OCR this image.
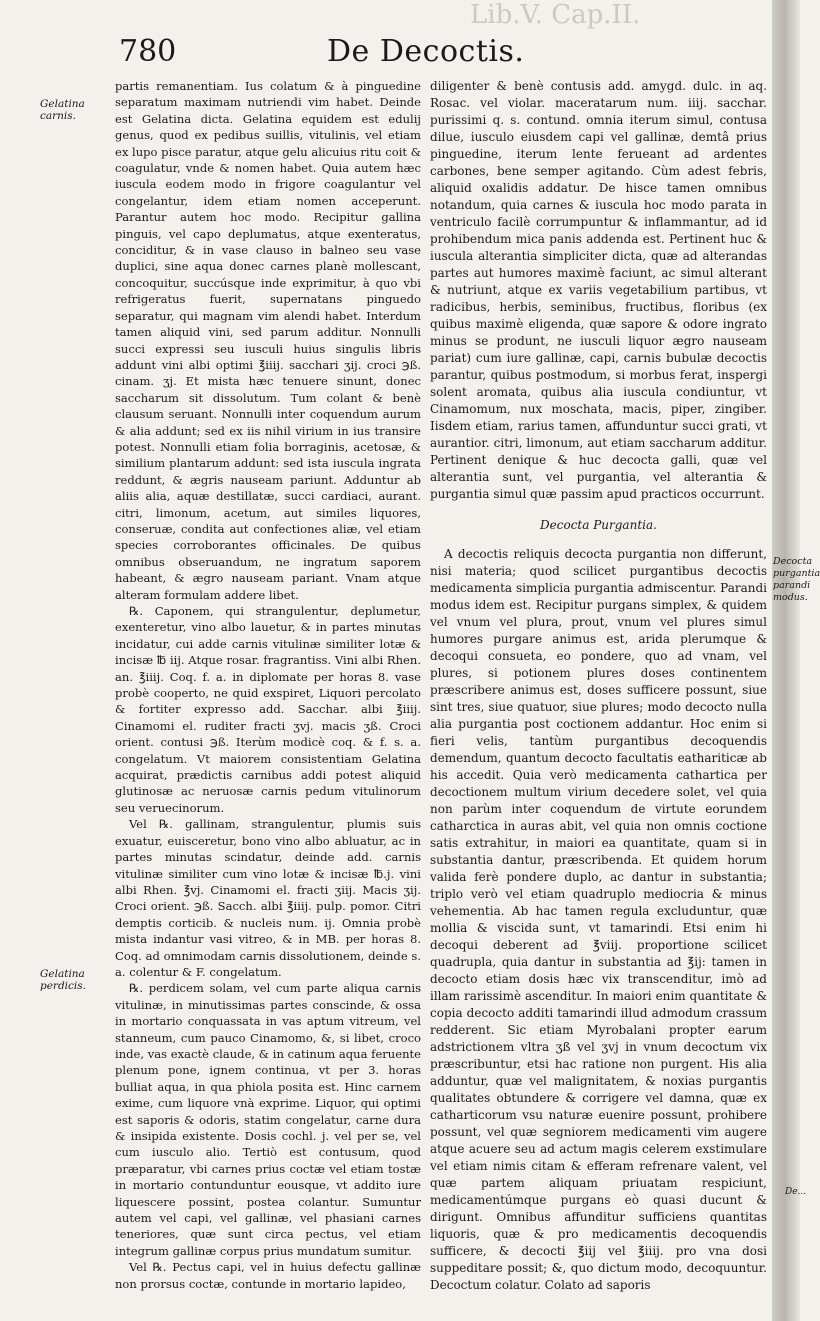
Lib.V. Cap.II.
780	De Decoctis.
Gelatina carnis.
Gelatina perdicis.
Decocta purgantia parandi modus.
De...

partis remanentiam. Ius colatum & à pinguedine separatum maximam nutriendi vim habet. Deinde est Gelatina dicta. Gelatina equidem est edulij genus, quod ex pedibus suillis, vitulinis, vel etiam ex lupo pisce paratur, atque gelu alicuius ritu coit & coagulatur, vnde & nomen habet. Quia autem hæc iuscula eodem modo in frigore coagulantur vel congelantur, idem etiam nomen acceperunt. Parantur autem hoc modo. Recipitur gallina pinguis, vel capo deplumatus, atque exenteratus, conciditur, & in vase clauso in balneo seu vase duplici, sine aqua donec carnes planè mollescant, concoquitur, succúsque inde exprimitur, à quo vbi refrigeratus fuerit, supernatans pinguedo separatur, qui magnam vim alendi habet. Interdum tamen aliquid vini, sed parum additur. Nonnulli succi expressi seu iusculi huius singulis libris addunt vini albi optimi ℥iiij. sacchari ʒij. croci ℈ß. cinam. ʒj. Et mista hæc tenuere sinunt, donec saccharum sit dissolutum. Tum colant & benè clausum seruant. Nonnulli inter coquendum aurum & alia addunt; sed ex iis nihil virium in ius transire potest. Nonnulli etiam folia borraginis, acetosæ, & similium plantarum addunt: sed ista iuscula ingrata reddunt, & ægris nauseam pariunt. Adduntur ab aliis alia, aquæ destillatæ, succi cardiaci, aurant. citri, limonum, acetum, aut similes liquores, conseruæ, condita aut confectiones aliæ, vel etiam species corroborantes officinales. De quibus omnibus obseruandum, ne ingratum saporem habeant, & ægro nauseam pariant. Vnam atque alteram formulam addere libet.

℞. Caponem, qui strangulentur, deplumetur, exenteretur, vino albo lauetur, & in partes minutas incidatur, cui adde carnis vitulinæ similiter lotæ & incisæ ℔ iij. Atque rosar. fragrantiss. Vini albi Rhen. an. ℥iiij. Coq. f. a. in diplomate per horas 8. vase probè cooperto, ne quid exspiret, Liquori percolato & fortiter expresso add. Sacchar. albi ℥iiij. Cinamomi el. ruditer fracti ʒvj. macis ʒß. Croci orient. contusi ℈ß. Iterùm modicè coq. & f. s. a. congelatum. Vt maiorem consistentiam Gelatina acquirat, prædictis carnibus addi potest aliquid glutinosæ ac neruosæ carnis pedum vitulinorum seu veruecinorum.

Vel ℞. gallinam, strangulentur, plumis suis exuatur, euisceretur, bono vino albo abluatur, ac in partes minutas scindatur, deinde add. carnis vitulinæ similiter cum vino lotæ & incisæ ℔.j. vini albi Rhen. ℥vj. Cinamomi el. fracti ʒiij. Macis ʒij. Croci orient. ℈ß. Sacch. albi ℥iiij. pulp. pomor. Citri demptis corticib. & nucleis num. ij. Omnia probè mista indantur vasi vitreo, & in MB. per horas 8. Coq. ad omnimodam carnis dissolutionem, deinde s. a. colentur & F. congelatum.

℞. perdicem solam, vel cum parte aliqua carnis vitulinæ, in minutissimas partes conscinde, & ossa in mortario conquassata in vas aptum vitreum, vel stanneum, cum pauco Cinamomo, &, si libet, croco inde, vas exactè claude, & in catinum aqua feruente plenum pone, ignem continua, vt per 3. horas bulliat aqua, in qua phiola posita est. Hinc carnem exime, cum liquore vnà exprime. Liquor, qui optimi est saporis & odoris, statim congelatur, carne dura & insipida existente. Dosis cochl. j. vel per se, vel cum iusculo alio. Tertiò est contusum, quod præparatur, vbi carnes prius coctæ vel etiam tostæ in mortario contunduntur eousque, vt addito iure liquescere possint, postea colantur. Sumuntur autem vel capi, vel gallinæ, vel phasiani carnes teneriores, quæ sunt circa pectus, vel etiam integrum gallinæ corpus prius mundatum sumitur.

Vel ℞. Pectus capi, vel in huius defectu gallinæ non prorsus coctæ, contunde in mortario lapideo,

diligenter & benè contusis add. amygd. dulc. in aq. Rosac. vel violar. maceratarum num. iiij. sacchar. purissimi q. s. contund. omnia iterum simul, contusa dilue, iusculo eiusdem capi vel gallinæ, demtâ prius pinguedine, iterum lente ferueant ad ardentes carbones, bene semper agitando. Cùm adest febris, aliquid oxalidis addatur. De hisce tamen omnibus notandum, quia carnes & iuscula hoc modo parata in ventriculo facilè corrumpuntur & inflammantur, ad id prohibendum mica panis addenda est. Pertinent huc & iuscula alterantia simpliciter dicta, quæ ad alterandas partes aut humores maximè faciunt, ac simul alterant & nutriunt, atque ex variis vegetabilium partibus, vt radicibus, herbis, seminibus, fructibus, floribus (ex quibus maximè eligenda, quæ sapore & odore ingrato minus se produnt, ne iusculi liquor ægro nauseam pariat) cum iure gallinæ, capi, carnis bubulæ decoctis parantur, quibus postmodum, si morbus ferat, inspergi solent aromata, quibus alia iuscula condiuntur, vt Cinamomum, nux moschata, macis, piper, zingiber. Iisdem etiam, rarius tamen, affunduntur succi grati, vt aurantior. citri, limonum, aut etiam saccharum additur. Pertinent denique & huc decocta galli, quæ vel alterantia sunt, vel purgantia, vel alterantia & purgantia simul quæ passim apud practicos occurrunt.

Decocta Purgantia.

A decoctis reliquis decocta purgantia non differunt, nisi materia; quod scilicet purgantibus decoctis medicamenta simplicia purgantia admiscentur. Parandi modus idem est. Recipitur purgans simplex, & quidem vel vnum vel plura, prout, vnum vel plures simul humores purgare animus est, arida plerumque & decoqui consueta, eo pondere, quo ad vnam, vel plures, si potionem plures doses continentem præscribere animus est, doses sufficere possunt, siue sint tres, siue quatuor, siue plures; modo decocto nulla alia purgantia post coctionem addantur. Hoc enim si fieri velis, tantùm purgantibus decoquendis demendum, quantum decocto facultatis eathariticæ ab his accedit. Quia verò medicamenta cathartica per decoctionem multum virium decedere solet, vel quia non parùm inter coquendum de virtute eorundem catharctica in auras abit, vel quia non omnis coctione satis extrahitur, in maiori ea quantitate, quam si in substantia dantur, præscribenda. Et quidem horum valida ferè pondere duplo, ac dantur in substantia; triplo verò vel etiam quadruplo mediocria & minus vehementia. Ab hac tamen regula excluduntur, quæ mollia & viscida sunt, vt tamarindi. Etsi enim hi decoqui deberent ad ℥viij. proportione scilicet quadrupla, quia dantur in substantia ad ℥ij: tamen in decocto etiam dosis hæc vix transcenditur, imò ad illam rarissimè ascenditur. In maiori enim quantitate & copia decocto additi tamarindi illud admodum crassum redderent. Sic etiam Myrobalani propter earum adstrictionem vltra ʒß vel ʒvj in vnum decoctum vix præscribuntur, etsi hac ratione non purgent. His alia adduntur, quæ vel malignitatem, & noxias purgantis qualitates obtundere & corrigere vel damna, quæ ex catharticorum vsu naturæ euenire possunt, prohibere possunt, vel quæ segniorem medicamenti vim augere atque acuere seu ad actum magis celerem exstimulare vel etiam nimis citam & efferam refrenare valent, vel quæ partem aliquam priuatam respiciunt, medicamentúmque purgans eò quasi ducunt & dirigunt. Omnibus affunditur sufficiens quantitas liquoris, quæ & pro medicamentis decoquendis sufficere, & decocti ℥iij vel ℥iiij. pro vna dosi suppeditare possit; &, quo dictum modo, decoquuntur. Decoctum colatur. Colato ad saporis
